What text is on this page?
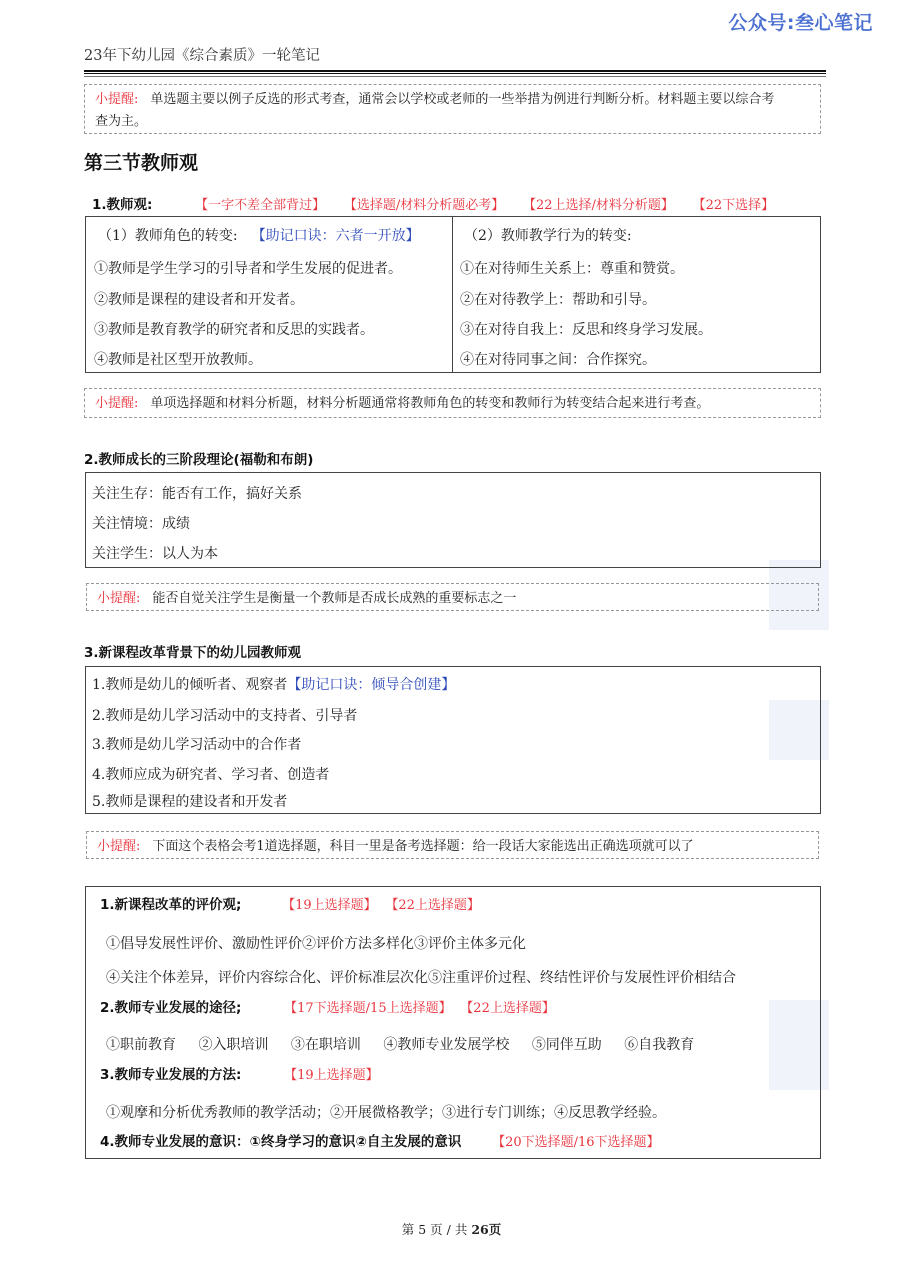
公众号:叁心笔记
23年下幼儿园《综合素质》一轮笔记
小提醒: 单选题主要以例子反选的形式考查，通常会以学校或老师的一些举措为例进行判断分析。材料题主要以综合考
查为主。
第三节教师观
1.教师观:	【一字不差全部背过】 【选择题/材料分析题必考】 【22上选择/材料分析题】 【22下选择】
（1）教师角色的转变: 【助记口诀：六者一开放】
①教师是学生学习的引导者和学生发展的促进者。
②教师是课程的建设者和开发者。
③教师是教育教学的研究者和反思的实践者。
④教师是社区型开放教师。
（2）教师教学行为的转变:
①在对待师生关系上：尊重和赞赏。
②在对待教学上：帮助和引导。
③在对待自我上：反思和终身学习发展。
④在对待同事之间：合作探究。
小提醒: 单项选择题和材料分析题，材料分析题通常将教师角色的转变和教师行为转变结合起来进行考查。
2.教师成长的三阶段理论(福勒和布朗)
关注生存：能否有工作，搞好关系
关注情境：成绩
关注学生：以人为本
小提醒: 能否自觉关注学生是衡量一个教师是否成长成熟的重要标志之一
3.新课程改革背景下的幼儿园教师观
1.教师是幼儿的倾听者、观察者【助记口诀：倾导合创建】
2.教师是幼儿学习活动中的支持者、引导者
3.教师是幼儿学习活动中的合作者
4.教师应成为研究者、学习者、创造者
5.教师是课程的建设者和开发者
小提醒: 下面这个表格会考1道选择题，科目一里是备考选择题：给一段话大家能选出正确选项就可以了
1.新课程改革的评价观;	【19上选择题】 【22上选择题】
①倡导发展性评价、激励性评价②评价方法多样化③评价主体多元化
④关注个体差异，评价内容综合化、评价标准层次化⑤注重评价过程、终结性评价与发展性评价相结合
2.教师专业发展的途径;	【17下选择题/15上选择题】 【22上选择题】
①职前教育 ②入职培训 ③在职培训 ④教师专业发展学校 ⑤同伴互助 ⑥自我教育
3.教师专业发展的方法:	【19上选择题】
①观摩和分析优秀教师的教学活动；②开展微格教学；③进行专门训练；④反思教学经验。
4.教师专业发展的意识：①终身学习的意识②自主发展的意识 【20下选择题/16下选择题】
第 5 页 / 共 26页
